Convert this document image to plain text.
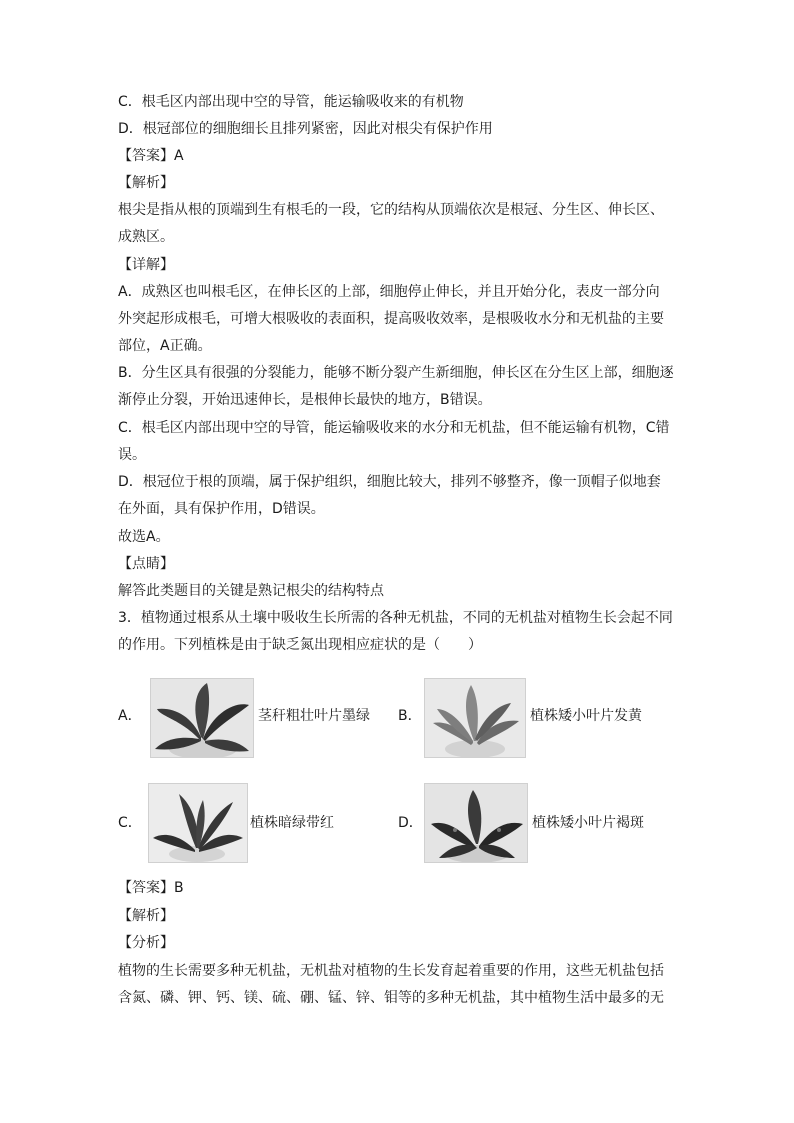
C．根毛区内部出现中空的导管，能运输吸收来的有机物
D．根冠部位的细胞细长且排列紧密，因此对根尖有保护作用
【答案】A
【解析】
根尖是指从根的顶端到生有根毛的一段，它的结构从顶端依次是根冠、分生区、伸长区、
成熟区。
【详解】
A．成熟区也叫根毛区，在伸长区的上部，细胞停止伸长，并且开始分化，表皮一部分向
外突起形成根毛，可增大根吸收的表面积，提高吸收效率，是根吸收水分和无机盐的主要
部位，A正确。
B．分生区具有很强的分裂能力，能够不断分裂产生新细胞，伸长区在分生区上部，细胞逐
渐停止分裂，开始迅速伸长，是根伸长最快的地方，B错误。
C．根毛区内部出现中空的导管，能运输吸收来的水分和无机盐，但不能运输有机物，C错
误。
D．根冠位于根的顶端，属于保护组织，细胞比较大，排列不够整齐，像一顶帽子似地套
在外面，具有保护作用，D错误。
故选A。
【点睛】
解答此类题目的关键是熟记根尖的结构特点
3．植物通过根系从土壤中吸收生长所需的各种无机盐，不同的无机盐对植物生长会起不同
的作用。下列植株是由于缺乏氮出现相应症状的是（　　）
A．	茎秆粗壮叶片墨绿 B．	植株矮小叶片发黄
C．	植株暗绿带红	D．	植株矮小叶片褐斑
【答案】B
【解析】
【分析】
植物的生长需要多种无机盐，无机盐对植物的生长发育起着重要的作用，这些无机盐包括
含氮、磷、钾、钙、镁、硫、硼、锰、锌、钼等的多种无机盐，其中植物生活中最多的无
